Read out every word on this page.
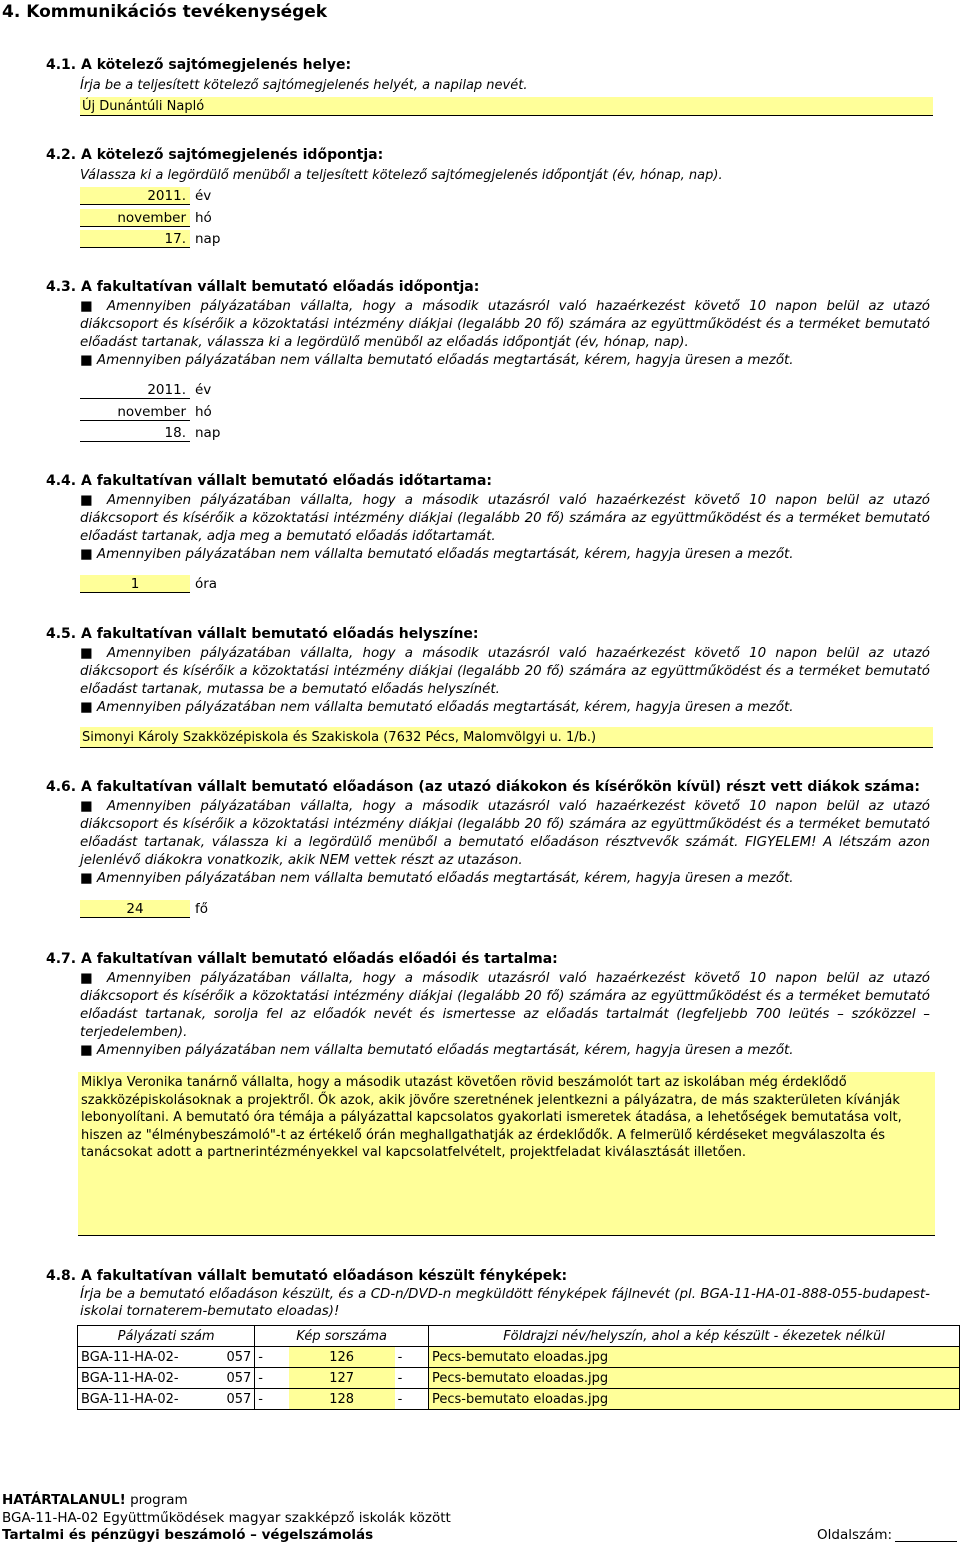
4. Kommunikációs tevékenységek
4.1. A kötelező sajtómegjelenés helye:
Írja be a teljesített kötelező sajtómegjelenés helyét, a napilap nevét.
Új Dunántúli Napló
4.2. A kötelező sajtómegjelenés időpontja:
Válassza ki a legördülő menüből a teljesített kötelező sajtómegjelenés időpontját (év, hónap, nap).
2011. év
november hó
17. nap
4.3. A fakultatívan vállalt bemutató előadás időpontja:

■ Amennyiben pályázatában vállalta, hogy a második utazásról való hazaérkezést követő 10 napon belül az utazó diákcsoport és kísérőik a közoktatási intézmény diákjai (legalább 20 fő) számára az együttműködést és a terméket bemutató előadást tartanak, válassza ki a legördülő menüből az előadás időpontját (év, hónap, nap).

■ Amennyiben pályázatában nem vállalta bemutató előadás megtartását, kérem, hagyja üresen a mezőt.

2011. év
november hó
18. nap
4.4. A fakultatívan vállalt bemutató előadás időtartama:

■ Amennyiben pályázatában vállalta, hogy a második utazásról való hazaérkezést követő 10 napon belül az utazó diákcsoport és kísérőik a közoktatási intézmény diákjai (legalább 20 fő) számára az együttműködést és a terméket bemutató előadást tartanak, adja meg a bemutató előadás időtartamát.

■ Amennyiben pályázatában nem vállalta bemutató előadás megtartását, kérem, hagyja üresen a mezőt.

1	óra
4.5. A fakultatívan vállalt bemutató előadás helyszíne:

■ Amennyiben pályázatában vállalta, hogy a második utazásról való hazaérkezést követő 10 napon belül az utazó diákcsoport és kísérőik a közoktatási intézmény diákjai (legalább 20 fő) számára az együttműködést és a terméket bemutató előadást tartanak, mutassa be a bemutató előadás helyszínét.

■ Amennyiben pályázatában nem vállalta bemutató előadás megtartását, kérem, hagyja üresen a mezőt.

Simonyi Károly Szakközépiskola és Szakiskola (7632 Pécs, Malomvölgyi u. 1/b.)
4.6. A fakultatívan vállalt bemutató előadáson (az utazó diákokon és kísérőkön kívül) részt vett diákok száma:

■ Amennyiben pályázatában vállalta, hogy a második utazásról való hazaérkezést követő 10 napon belül az utazó diákcsoport és kísérőik a közoktatási intézmény diákjai (legalább 20 fő) számára az együttműködést és a terméket bemutató előadást tartanak, válassza ki a legördülő menüből a bemutató előadáson résztvevők számát. FIGYELEM! A létszám azon jelenlévő diákokra vonatkozik, akik NEM vettek részt az utazáson.

■ Amennyiben pályázatában nem vállalta bemutató előadás megtartását, kérem, hagyja üresen a mezőt.

24	fő
4.7. A fakultatívan vállalt bemutató előadás előadói és tartalma:

■ Amennyiben pályázatában vállalta, hogy a második utazásról való hazaérkezést követő 10 napon belül az utazó diákcsoport és kísérőik a közoktatási intézmény diákjai (legalább 20 fő) számára az együttműködést és a terméket bemutató előadást tartanak, sorolja fel az előadók nevét és ismertesse az előadás tartalmát (legfeljebb 700 leütés – szóközzel – terjedelemben).

■ Amennyiben pályázatában nem vállalta bemutató előadás megtartását, kérem, hagyja üresen a mezőt.

Miklya Veronika tanárnő vállalta, hogy a második utazást követően rövid beszámolót tart az iskolában még érdeklődő szakközépiskolásoknak a projektről. Ők azok, akik jövőre szeretnének jelentkezni a pályázatra, de más szakterületen kívánják lebonyolítani. A bemutató óra témája a pályázattal kapcsolatos gyakorlati ismeretek átadása, a lehetőségek bemutatása volt, hiszen az "élménybeszámoló"-t az értékelő órán meghallgathatják az érdeklődők. A felmerülő kérdéseket megválaszolta és tanácsokat adott a partnerintézményekkel val kapcsolatfelvételt, projektfeladat kiválasztását illetően.
4.8. A fakultatívan vállalt bemutató előadáson készült fényképek:
Írja be a bemutató előadáson készült, és a CD-n/DVD-n megküldött fényképek fájlnevét (pl. BGA-11-HA-01-888-055-budapest-iskolai tornaterem-bemutato eloadas)!
Pályázati szám		Kép sorszáma			Földrajzi név/helyszín, ahol a kép készült - ékezetek nélkül
BGA-11-HA-02-	057	-	126	-	Pecs-bemutato eloadas.jpg
BGA-11-HA-02-	057	-	127	-	Pecs-bemutato eloadas.jpg
BGA-11-HA-02-	057	-	128	-	Pecs-bemutato eloadas.jpg
HATÁRTALANUL! program
BGA-11-HA-02 Együttműködések magyar szakképző iskolák között
Tartalmi és pénzügyi beszámoló – végelszámolás	Oldalszám:
